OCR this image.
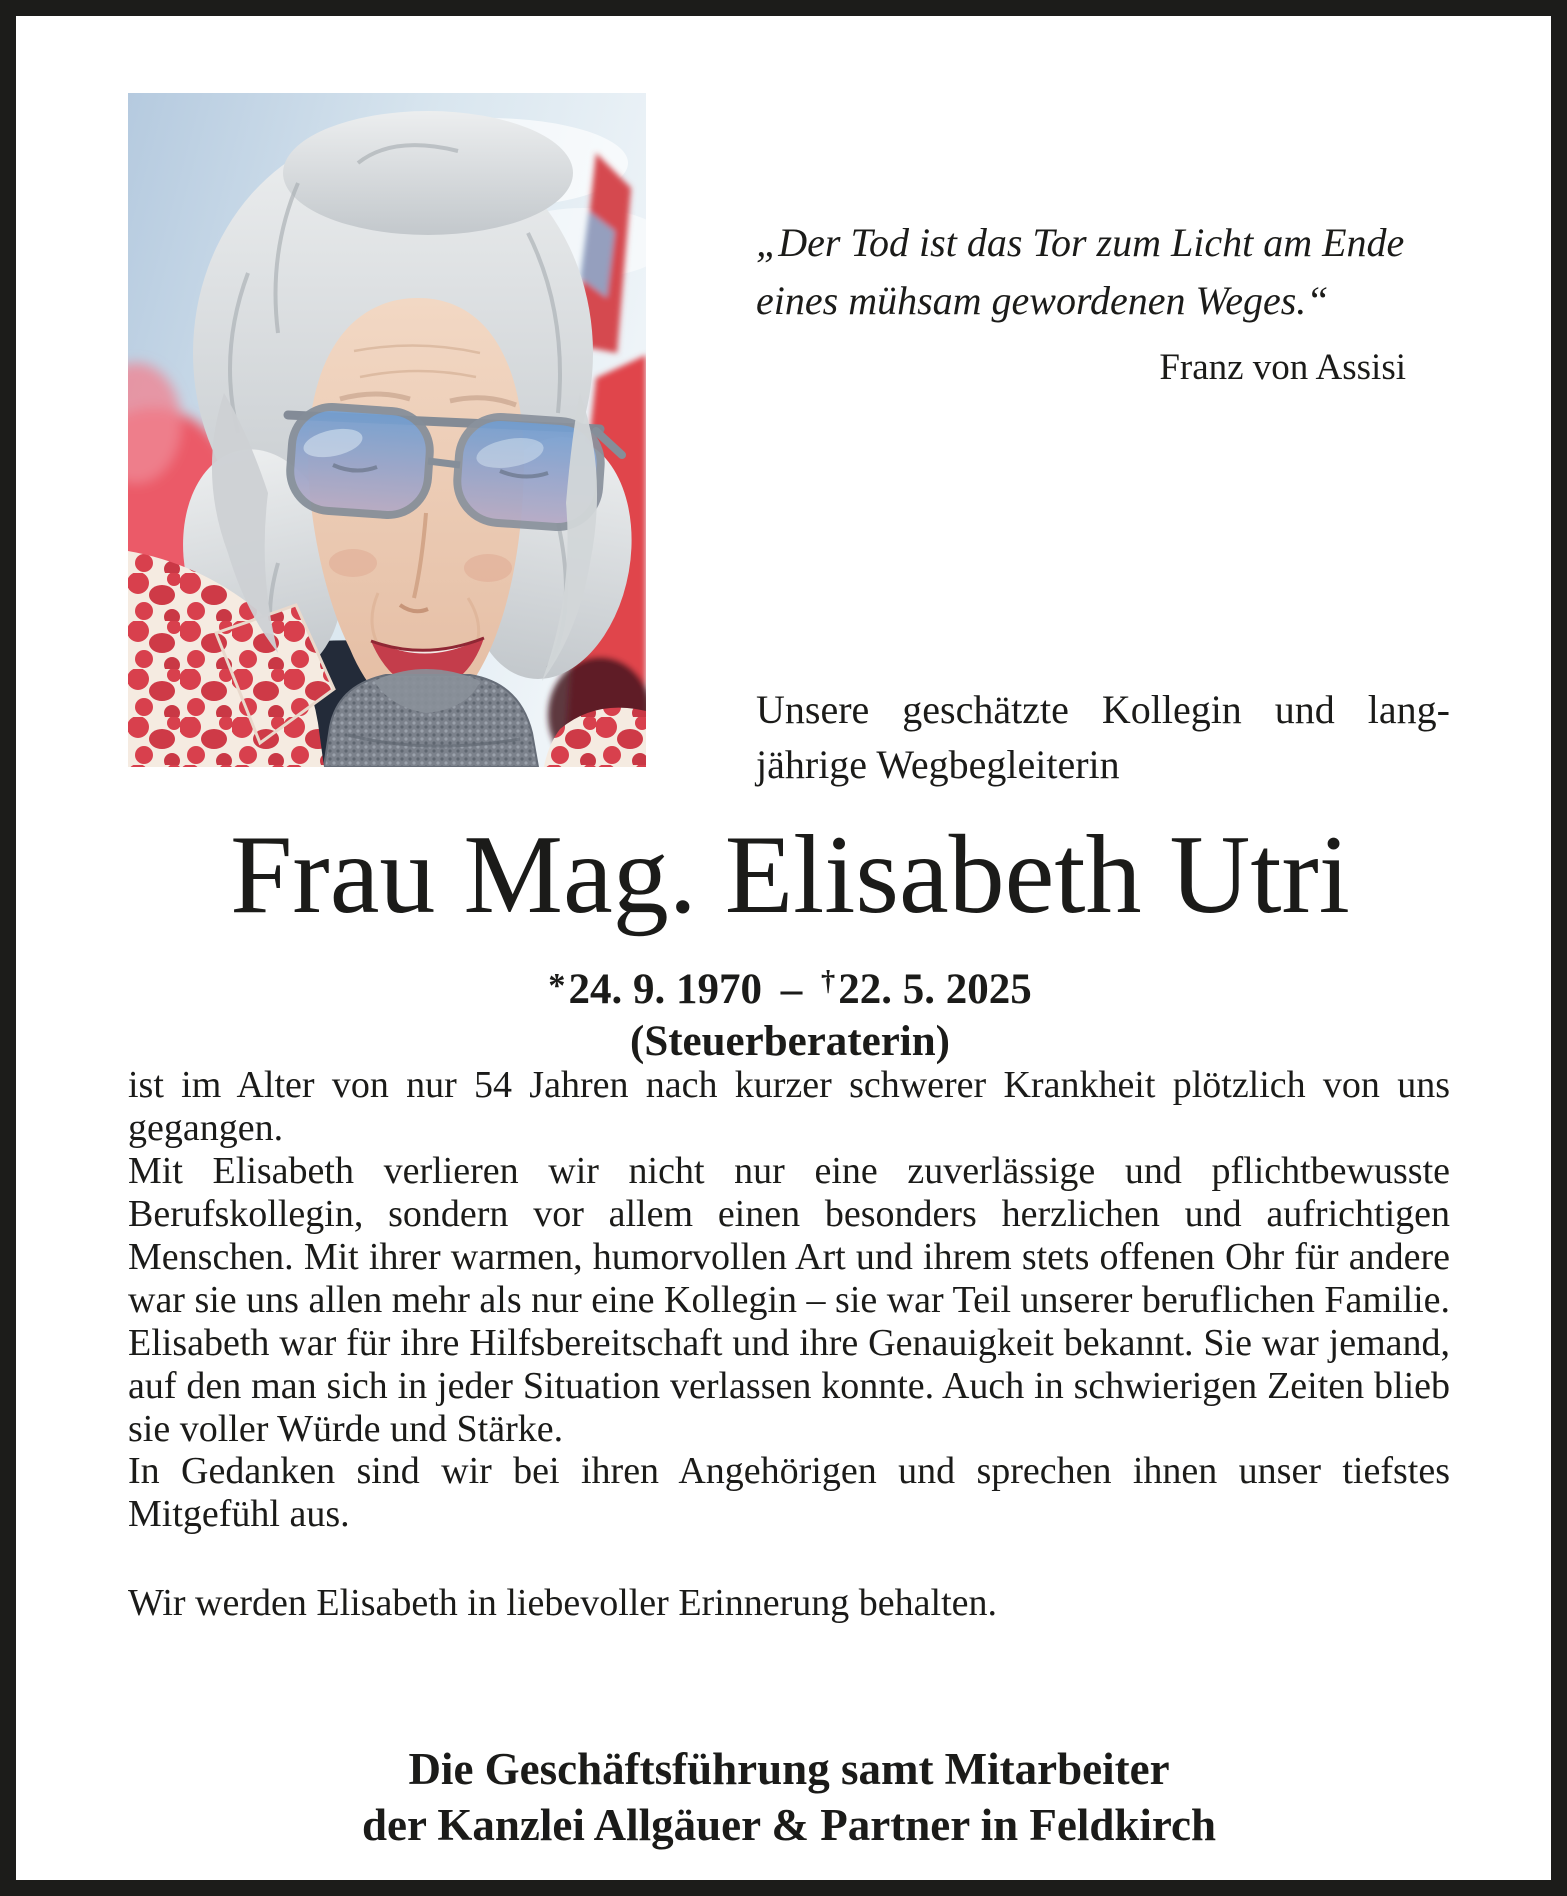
„Der Tod ist das Tor zum Licht am Ende eines mühsam gewordenen Weges.“
Franz von Assisi
Unsere geschätzte Kollegin und langjährige Wegbegleiterin
Frau Mag. Elisabeth Utri
*24. 9. 1970 – †22. 5. 2025
(Steuerberaterin)

ist im Alter von nur 54 Jahren nach kurzer schwerer Krankheit plötzlich von uns gegangen.

Mit Elisabeth verlieren wir nicht nur eine zuverlässige und pflichtbewusste Berufskollegin, sondern vor allem einen besonders herzlichen und aufrichtigen Menschen. Mit ihrer warmen, humorvollen Art und ihrem stets offenen Ohr für andere war sie uns allen mehr als nur eine Kollegin – sie war Teil unserer beruflichen Familie.

Elisabeth war für ihre Hilfsbereitschaft und ihre Genauigkeit bekannt. Sie war jemand, auf den man sich in jeder Situation verlassen konnte. Auch in schwierigen Zeiten blieb sie voller Würde und Stärke.

In Gedanken sind wir bei ihren Angehörigen und sprechen ihnen unser tiefstes Mitgefühl aus.

Wir werden Elisabeth in liebevoller Erinnerung behalten.

Die Geschäftsführung samt Mitarbeiter
der Kanzlei Allgäuer & Partner in Feldkirch
